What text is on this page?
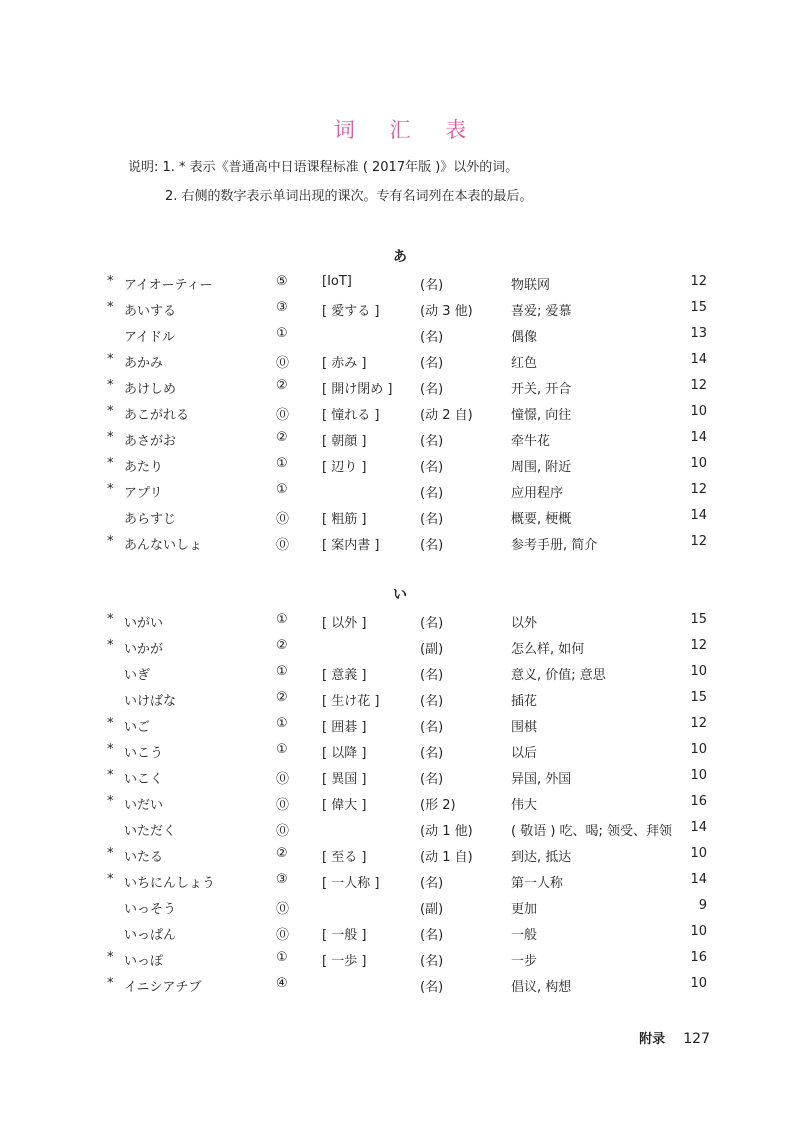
词 汇 表
说明: 1. * 表示《普通高中日语课程标准 ( 2017年版 )》以外的词。
2. 右侧的数字表示单词出现的课次。专有名词列在本表的最后。
あ
い
* アイオーティー	⑤	[IoT]	(名)	物联网	12
* あいする	③	[ 愛する ]	(动 3 他)	喜爱; 爱慕	15
アイドル	①	(名)	偶像	13
* あかみ	⓪	[ 赤み ]	(名)	红色	14
* あけしめ	②	[ 開け閉め ] (名)	开关, 开合	12
* あこがれる	⓪	[ 憧れる ]	(动 2 自)	憧憬, 向往	10
* あさがお	②	[ 朝顔 ]	(名)	牵牛花	14
* あたり	①	[ 辺り ]	(名)	周围, 附近	10
* アプリ	①	(名)	应用程序	12
あらすじ	⓪	[ 粗筋 ]	(名)	概要, 梗概	14
* あんないしょ	⓪	[ 案内書 ]	(名)	参考手册, 简介	12
* いがい	①	[ 以外 ]	(名)	以外	15
* いかが	②	(副)	怎么样, 如何	12
いぎ	①	[ 意義 ]	(名)	意义, 价值; 意思	10
いけばな	②	[ 生け花 ]	(名)	插花	15
* いご	①	[ 囲碁 ]	(名)	围棋	12
* いこう	①	[ 以降 ]	(名)	以后	10
* いこく	⓪	[ 異国 ]	(名)	异国, 外国	10
* いだい	⓪	[ 偉大 ]	(形 2)	伟大	16
いただく	⓪	(动 1 他)	( 敬语 ) 吃、喝; 领受、拜领 14
* いたる	②	[ 至る ]	(动 1 自)	到达, 抵达	10
* いちにんしょう	③	[ 一人称 ]	(名)	第一人称	14
いっそう	⓪	(副)	更加	9
いっぱん	⓪	[ 一般 ]	(名)	一般	10
* いっぽ	①	[ 一歩 ]	(名)	一步	16
* イニシアチブ	④	(名)	倡议, 构想	10
附录 127
